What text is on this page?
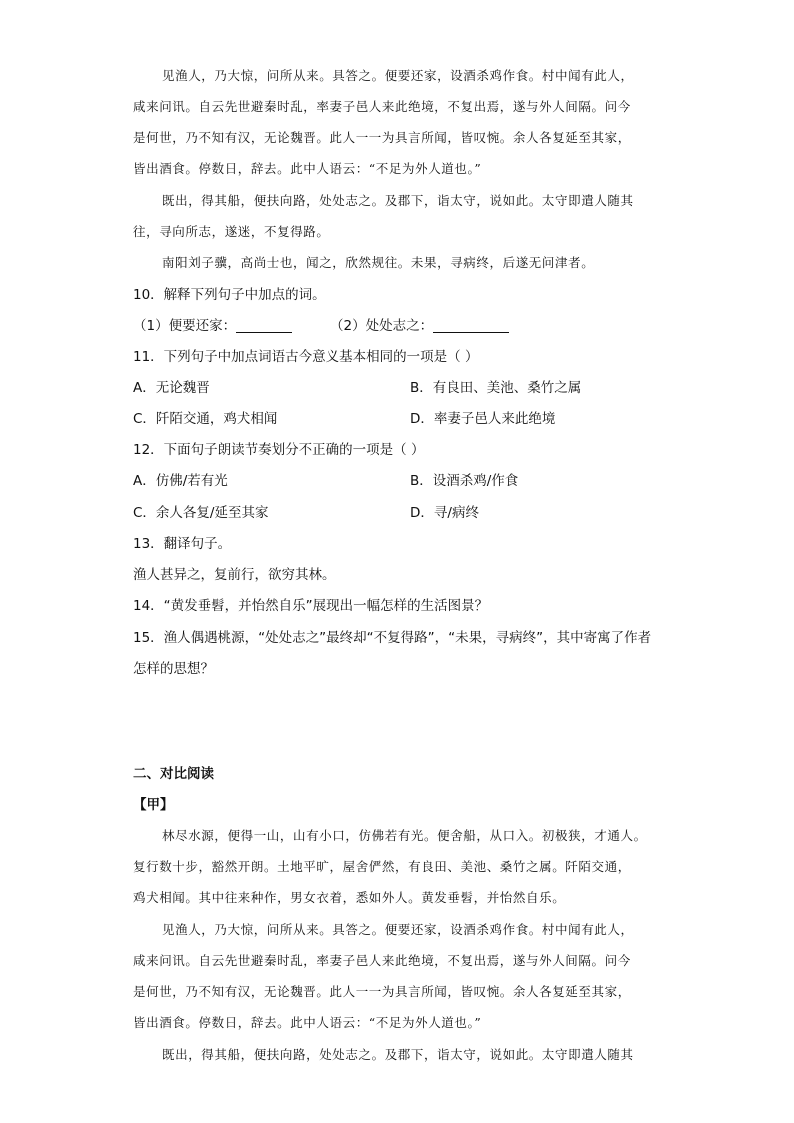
见渔人，乃大惊，问所从来。具答之。便要还家，设酒杀鸡作食。村中闻有此人，
咸来问讯。自云先世避秦时乱，率妻子邑人来此绝境，不复出焉，遂与外人间隔。问今
是何世，乃不知有汉，无论魏晋。此人一一为具言所闻，皆叹惋。余人各复延至其家，
皆出酒食。停数日，辞去。此中人语云：“不足为外人道也。”
既出，得其船，便扶向路，处处志之。及郡下，诣太守，说如此。太守即遣人随其
往，寻向所志，遂迷，不复得路。
南阳刘子骥，高尚士也，闻之，欣然规往。未果，寻病终，后遂无问津者。
10．解释下列句子中加点的词。
（1）便要还家：	（2）处处志之：
11．下列句子中加点词语古今意义基本相同的一项是（ ）
A．无论魏晋	B．有良田、美池、桑竹之属
C．阡陌交通，鸡犬相闻	D．率妻子邑人来此绝境
12．下面句子朗读节奏划分不正确的一项是（ ）
A．仿佛/若有光	B．设酒杀鸡/作食
C．余人各复/延至其家	D．寻/病终
13．翻译句子。
渔人甚异之，复前行，欲穷其林。
14．“黄发垂髫，并怡然自乐”展现出一幅怎样的生活图景？
15．渔人偶遇桃源，“处处志之”最终却“不复得路”，“未果，寻病终”，其中寄寓了作者
怎样的思想？
二、对比阅读
【甲】
林尽水源，便得一山，山有小口，仿佛若有光。便舍船，从口入。初极狭，才通人。
复行数十步，豁然开朗。土地平旷，屋舍俨然，有良田、美池、桑竹之属。阡陌交通，
鸡犬相闻。其中往来种作，男女衣着，悉如外人。黄发垂髫，并怡然自乐。
见渔人，乃大惊，问所从来。具答之。便要还家，设酒杀鸡作食。村中闻有此人，
咸来问讯。自云先世避秦时乱，率妻子邑人来此绝境，不复出焉，遂与外人间隔。问今
是何世，乃不知有汉，无论魏晋。此人一一为具言所闻，皆叹惋。余人各复延至其家，
皆出酒食。停数日，辞去。此中人语云：“不足为外人道也。”
既出，得其船，便扶向路，处处志之。及郡下，诣太守，说如此。太守即遣人随其
